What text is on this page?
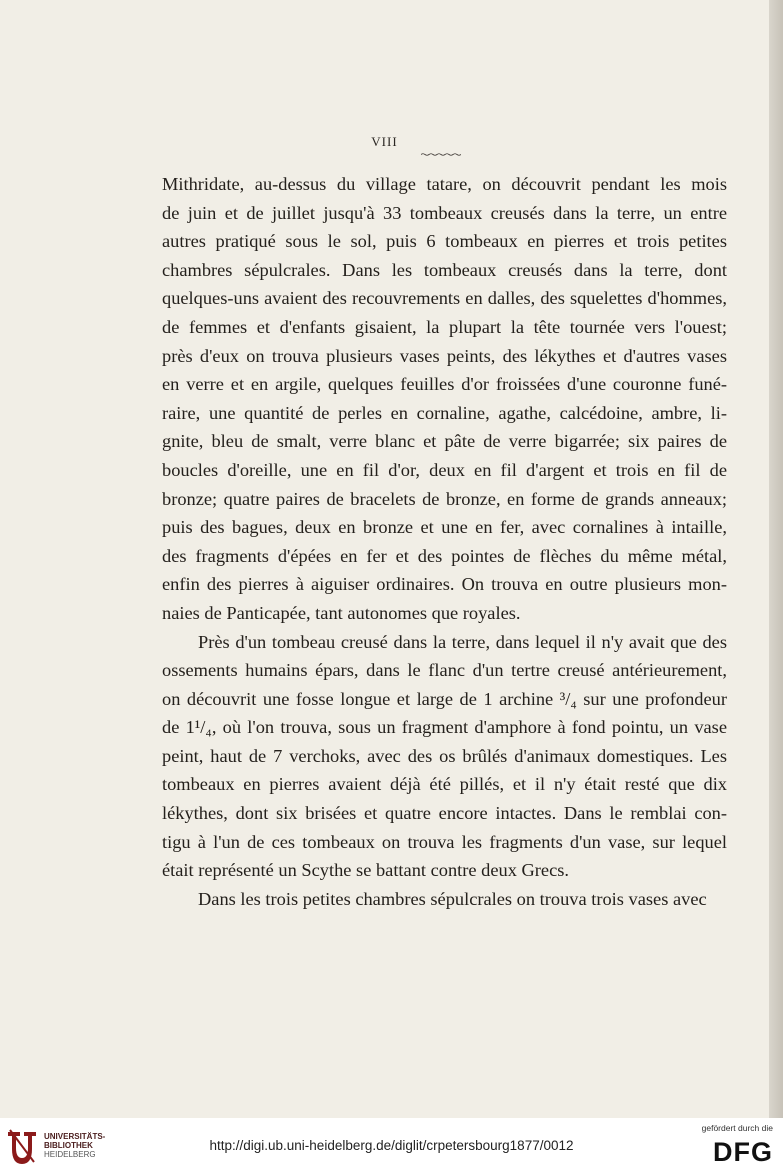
VIII
Mithridate, au-dessus du village tatare, on découvrit pendant les mois
de juin et de juillet jusqu'à 33 tombeaux creusés dans la terre, un entre
autres pratiqué sous le sol, puis 6 tombeaux en pierres et trois petites
chambres sépulcrales. Dans les tombeaux creusés dans la terre, dont
quelques-uns avaient des recouvrements en dalles, des squelettes d'hommes,
de femmes et d'enfants gisaient, la plupart la tête tournée vers l'ouest;
près d'eux on trouva plusieurs vases peints, des lékythes et d'autres vases
en verre et en argile, quelques feuilles d'or froissées d'une couronne funé-
raire, une quantité de perles en cornaline, agathe, calcédoine, ambre, li-
gnite, bleu de smalt, verre blanc et pâte de verre bigarrée; six paires de
boucles d'oreille, une en fil d'or, deux en fil d'argent et trois en fil de
bronze; quatre paires de bracelets de bronze, en forme de grands anneaux;
puis des bagues, deux en bronze et une en fer, avec cornalines à intaille,
des fragments d'épées en fer et des pointes de flèches du même métal,
enfin des pierres à aiguiser ordinaires. On trouva en outre plusieurs mon-
naies de Panticapée, tant autonomes que royales.
Près d'un tombeau creusé dans la terre, dans lequel il n'y avait que des
ossements humains épars, dans le flanc d'un tertre creusé antérieurement,
on découvrit une fosse longue et large de 1 archine ³/₄ sur une profondeur
de 1¹/₄, où l'on trouva, sous un fragment d'amphore à fond pointu, un vase
peint, haut de 7 verchoks, avec des os brûlés d'animaux domestiques. Les
tombeaux en pierres avaient déjà été pillés, et il n'y était resté que dix
lékythes, dont six brisées et quatre encore intactes. Dans le remblai con-
tigu à l'un de ces tombeaux on trouva les fragments d'un vase, sur lequel
était représenté un Scythe se battant contre deux Grecs.
Dans les trois petites chambres sépulcrales on trouva trois vases avec
UNIVERSITÄTS-
BIBLIOTHEK
HEIDELBERG
http://digi.ub.uni-heidelberg.de/diglit/crpetersbourg1877/0012
gefördert durch die
DFG
